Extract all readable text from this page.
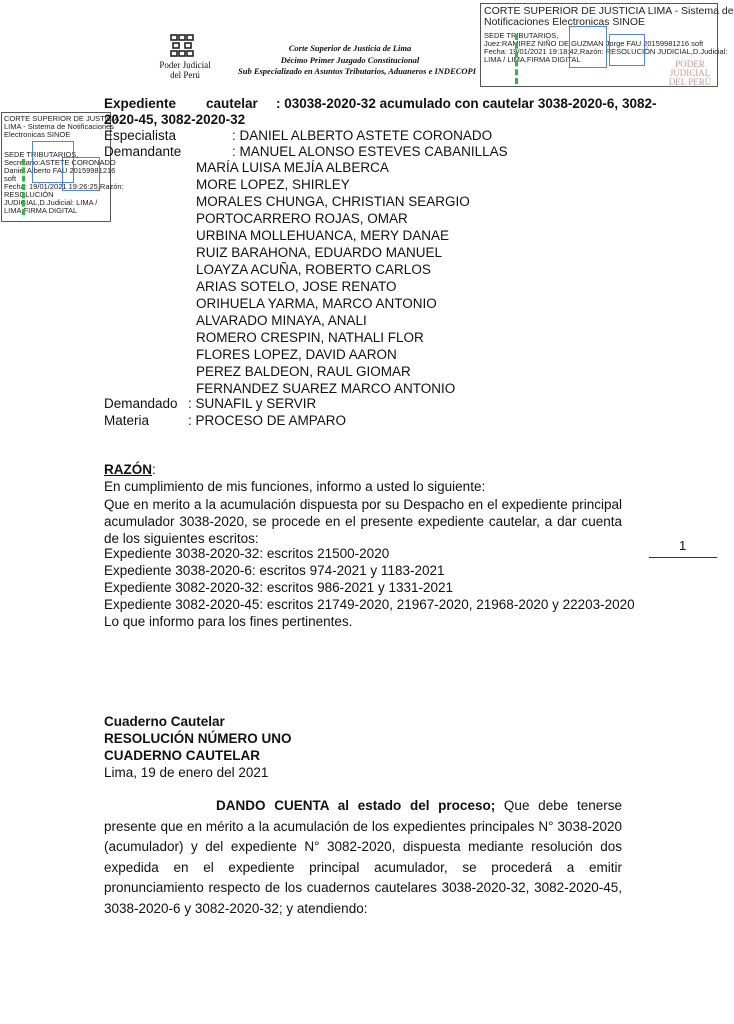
Poder Judicial
del Perú
Corte Superior de Justicia de Lima
Décimo Primer Juzgado Constitucional
Sub Especializado en Asuntos Tributarios, Aduaneros e INDECOPI
CORTE SUPERIOR DE JUSTICIA LIMA - Sistema de
Notificaciones Electronicas SINOE
SEDE TRIBUTARIOS,
Juez:RAMIREZ NIÑO DE GUZMAN Jorge FAU 20159981216 soft
Fecha: 19/01/2021 19:18:42,Razón: RESOLUCIÓN JUDICIAL,D.Judicial:
LIMA / LIMA,FIRMA DIGITAL	PODER JUDICIAL
DEL PERÚ
CORTE SUPERIOR DE JUSTICIA
LIMA - Sistema de Notificaciones
Electronicas SINOE
SEDE TRIBUTARIOS,
Secretario:ASTETE CORONADO
Daniel Alberto FAU 20159981216
soft
Fecha: 19/01/2021 19:26:25,Razón:
RESOLUCIÓN
JUDICIAL,D.Judicial: LIMA /
LIMA,FIRMA DIGITAL
Expediente        cautelar : 03038-2020-32 acumulado con cautelar 3038-2020-6, 3082-
2020-45, 3082-2020-32
Especialista	: DANIEL ALBERTO ASTETE CORONADO
Demandante	: MANUEL ALONSO ESTEVES CABANILLAS
MARÍA LUISA MEJÍA ALBERCA
MORE LOPEZ, SHIRLEY
MORALES CHUNGA, CHRISTIAN SEARGIO
PORTOCARRERO ROJAS, OMAR
URBINA MOLLEHUANCA, MERY DANAE
RUIZ BARAHONA, EDUARDO MANUEL
LOAYZA ACUÑA, ROBERTO CARLOS
ARIAS SOTELO, JOSE RENATO
ORIHUELA YARMA, MARCO ANTONIO
ALVARADO MINAYA, ANALI
ROMERO CRESPIN, NATHALI FLOR
FLORES LOPEZ, DAVID AARON
PEREZ BALDEON, RAUL GIOMAR
FERNANDEZ SUAREZ MARCO ANTONIO
Demandado : SUNAFIL y SERVIR
Materia	: PROCESO DE AMPARO
RAZÓN:
En cumplimiento de mis funciones, informo a usted lo siguiente:
Que en merito a la acumulación dispuesta por su Despacho en el expediente principal acumulador 3038-2020, se procede en el presente expediente cautelar, a dar cuenta de los siguientes escritos:
Expediente 3038-2020-32: escritos 21500-2020
Expediente 3038-2020-6: escritos 974-2021 y 1183-2021
Expediente 3082-2020-32: escritos 986-2021 y 1331-2021
Expediente 3082-2020-45: escritos 21749-2020, 21967-2020, 21968-2020 y 22203-2020
Lo que informo para los fines pertinentes.
1
Cuaderno Cautelar
RESOLUCIÓN NÚMERO UNO
CUADERNO CAUTELAR
Lima, 19 de enero del 2021
DANDO CUENTA al estado del proceso; Que debe tenerse presente que en mérito a la acumulación de los expedientes principales N° 3038-2020 (acumulador) y del expediente N° 3082-2020, dispuesta mediante resolución dos expedida en el expediente principal acumulador, se procederá a emitir pronunciamiento respecto de los cuadernos cautelares 3038-2020-32, 3082-2020-45, 3038-2020-6 y 3082-2020-32; y atendiendo:
